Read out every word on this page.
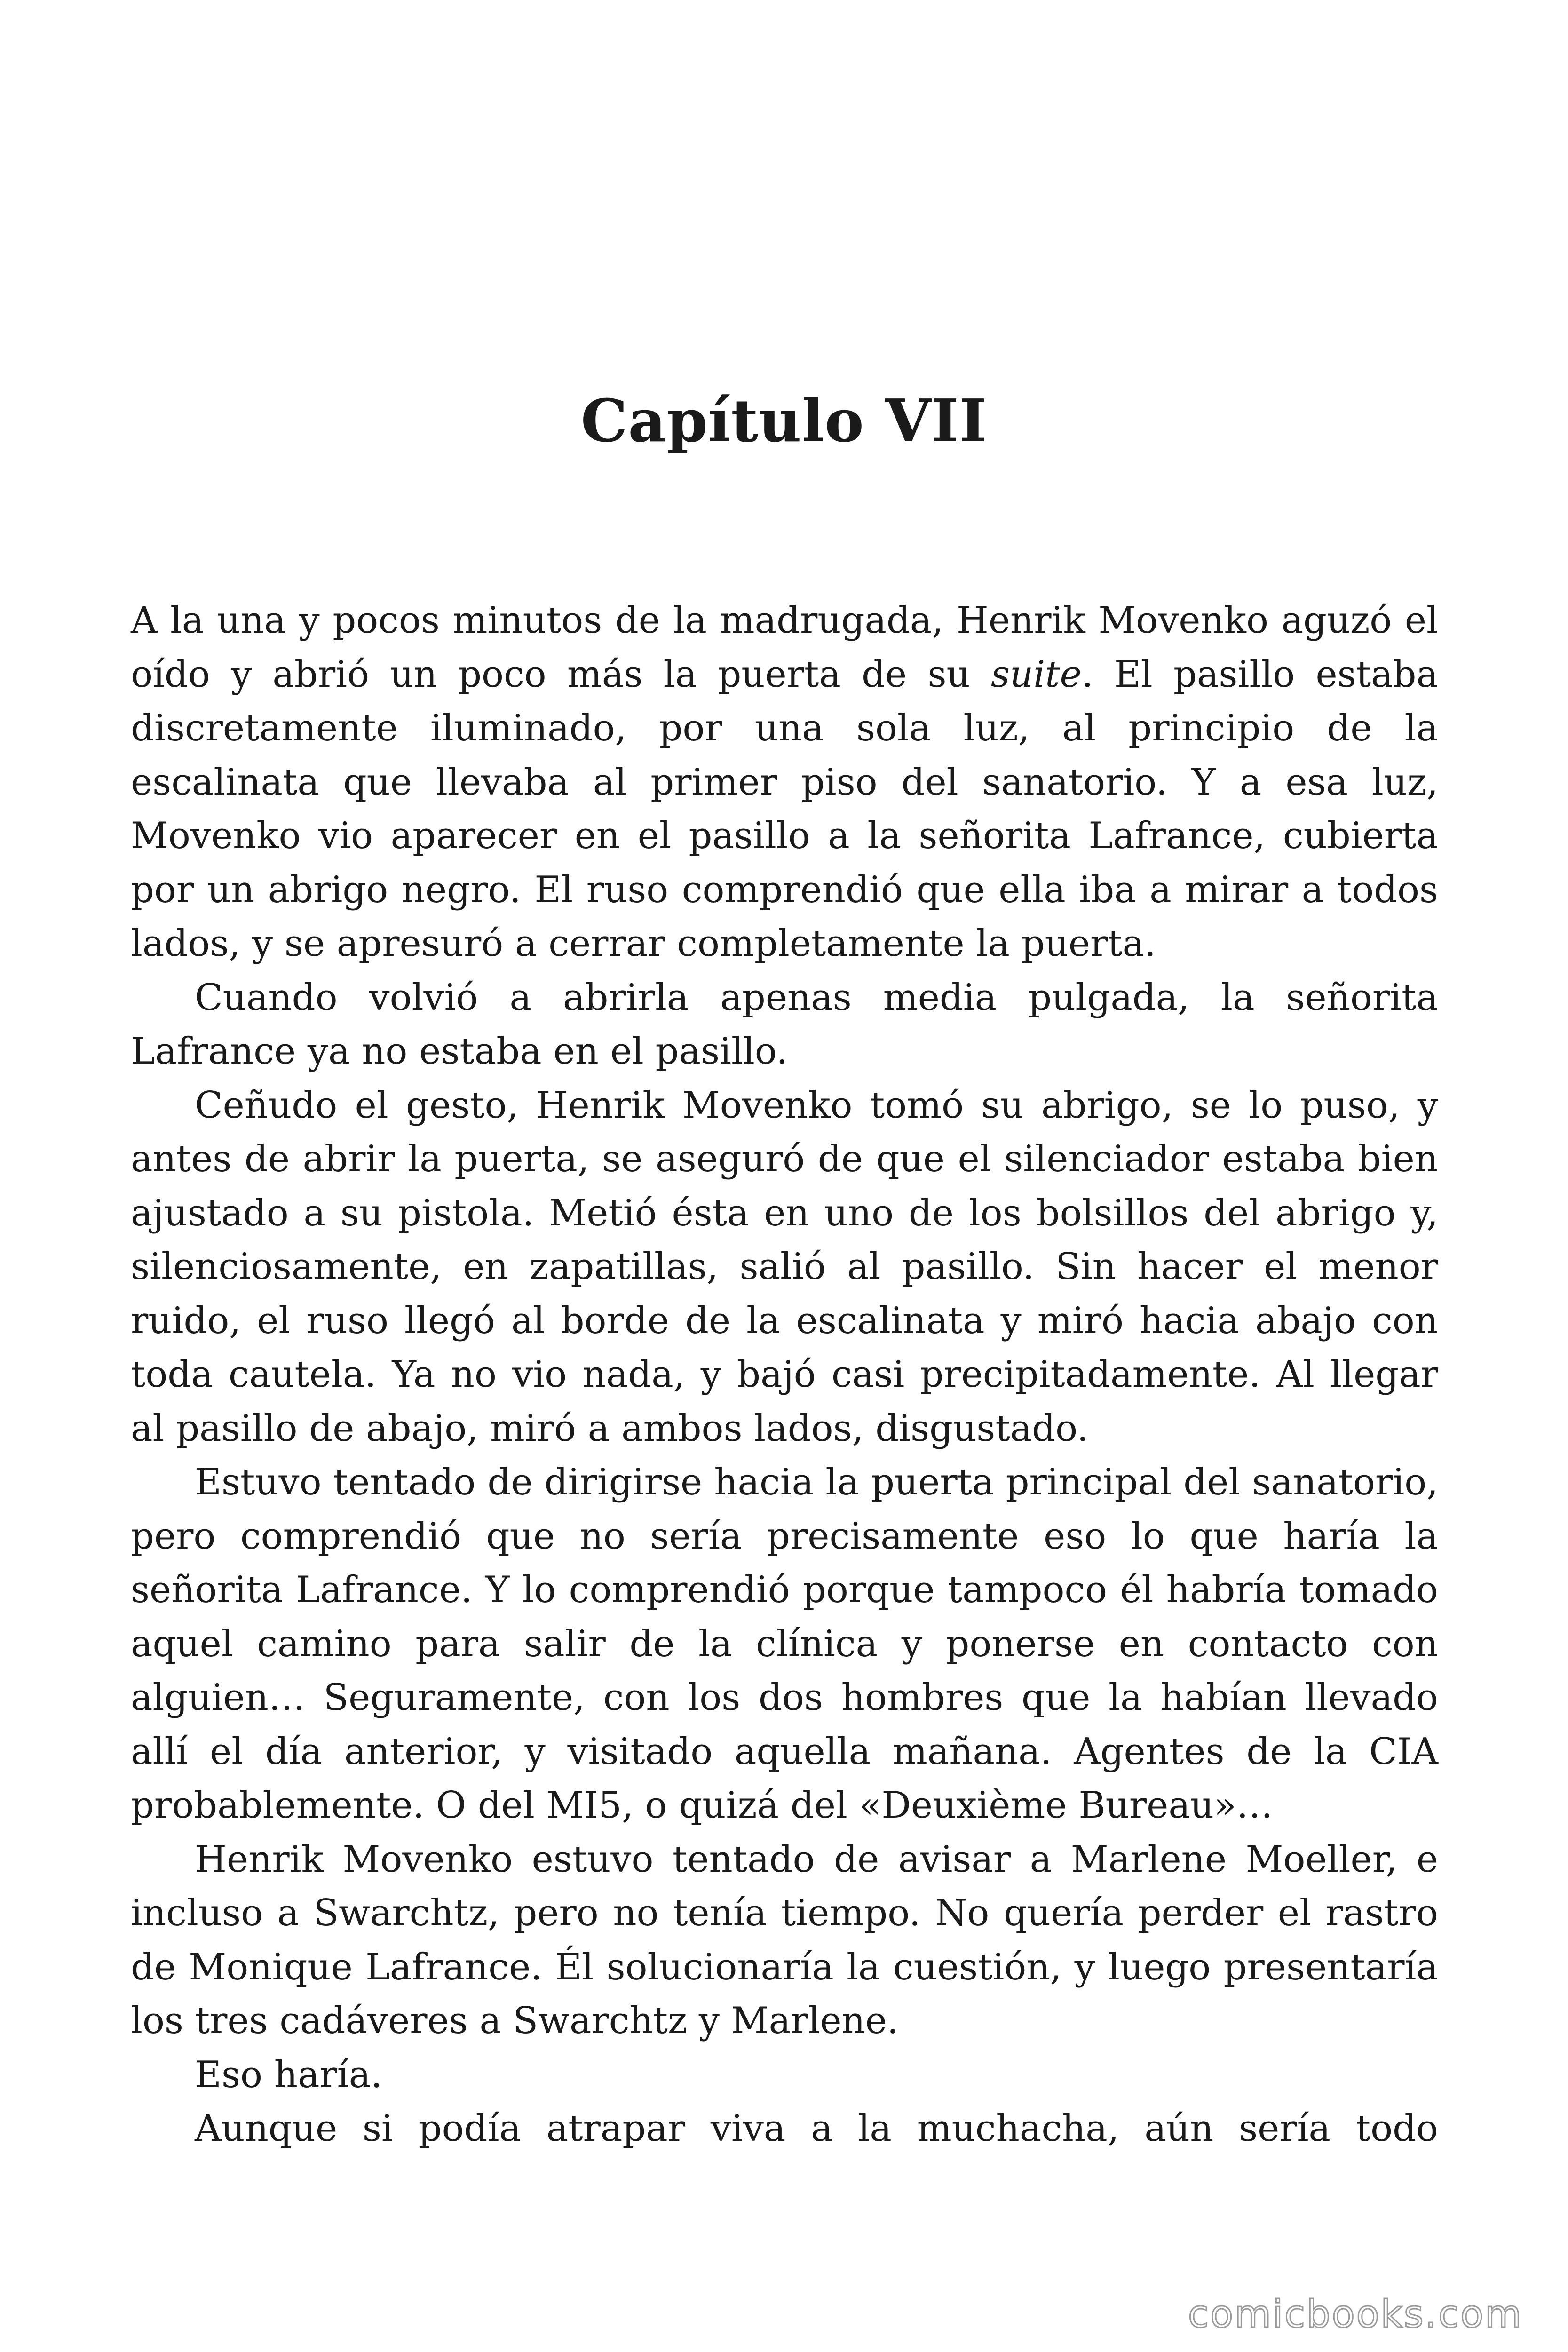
Capítulo VII

A la una y pocos minutos de la madrugada, Henrik Movenko aguzó el oído y abrió un poco más la puerta de su suite. El pasillo estaba discretamente iluminado, por una sola luz, al principio de la escalinata que llevaba al primer piso del sanatorio. Y a esa luz, Movenko vio aparecer en el pasillo a la señorita Lafrance, cubierta por un abrigo negro. El ruso comprendió que ella iba a mirar a todos lados, y se apresuró a cerrar completamente la puerta.

Cuando volvió a abrirla apenas media pulgada, la señorita Lafrance ya no estaba en el pasillo.

Ceñudo el gesto, Henrik Movenko tomó su abrigo, se lo puso, y antes de abrir la puerta, se aseguró de que el silenciador estaba bien ajustado a su pistola. Metió ésta en uno de los bolsillos del abrigo y, silenciosamente, en zapatillas, salió al pasillo. Sin hacer el menor ruido, el ruso llegó al borde de la escalinata y miró hacia abajo con toda cautela. Ya no vio nada, y bajó casi precipitadamente. Al llegar al pasillo de abajo, miró a ambos lados, disgustado.

Estuvo tentado de dirigirse hacia la puerta principal del sanatorio, pero comprendió que no sería precisamente eso lo que haría la señorita Lafrance. Y lo comprendió porque tampoco él habría tomado aquel camino para salir de la clínica y ponerse en contacto con alguien… Seguramente, con los dos hombres que la habían llevado allí el día anterior, y visitado aquella mañana. Agentes de la CIA probablemente. O del MI5, o quizá del «Deuxième Bureau»…

Henrik Movenko estuvo tentado de avisar a Marlene Moeller, e incluso a Swarchtz, pero no tenía tiempo. No quería perder el rastro de Monique Lafrance. Él solucionaría la cuestión, y luego presentaría los tres cadáveres a Swarchtz y Marlene.

Eso haría.

Aunque si podía atrapar viva a la muchacha, aún sería todo

comicbooks.com
